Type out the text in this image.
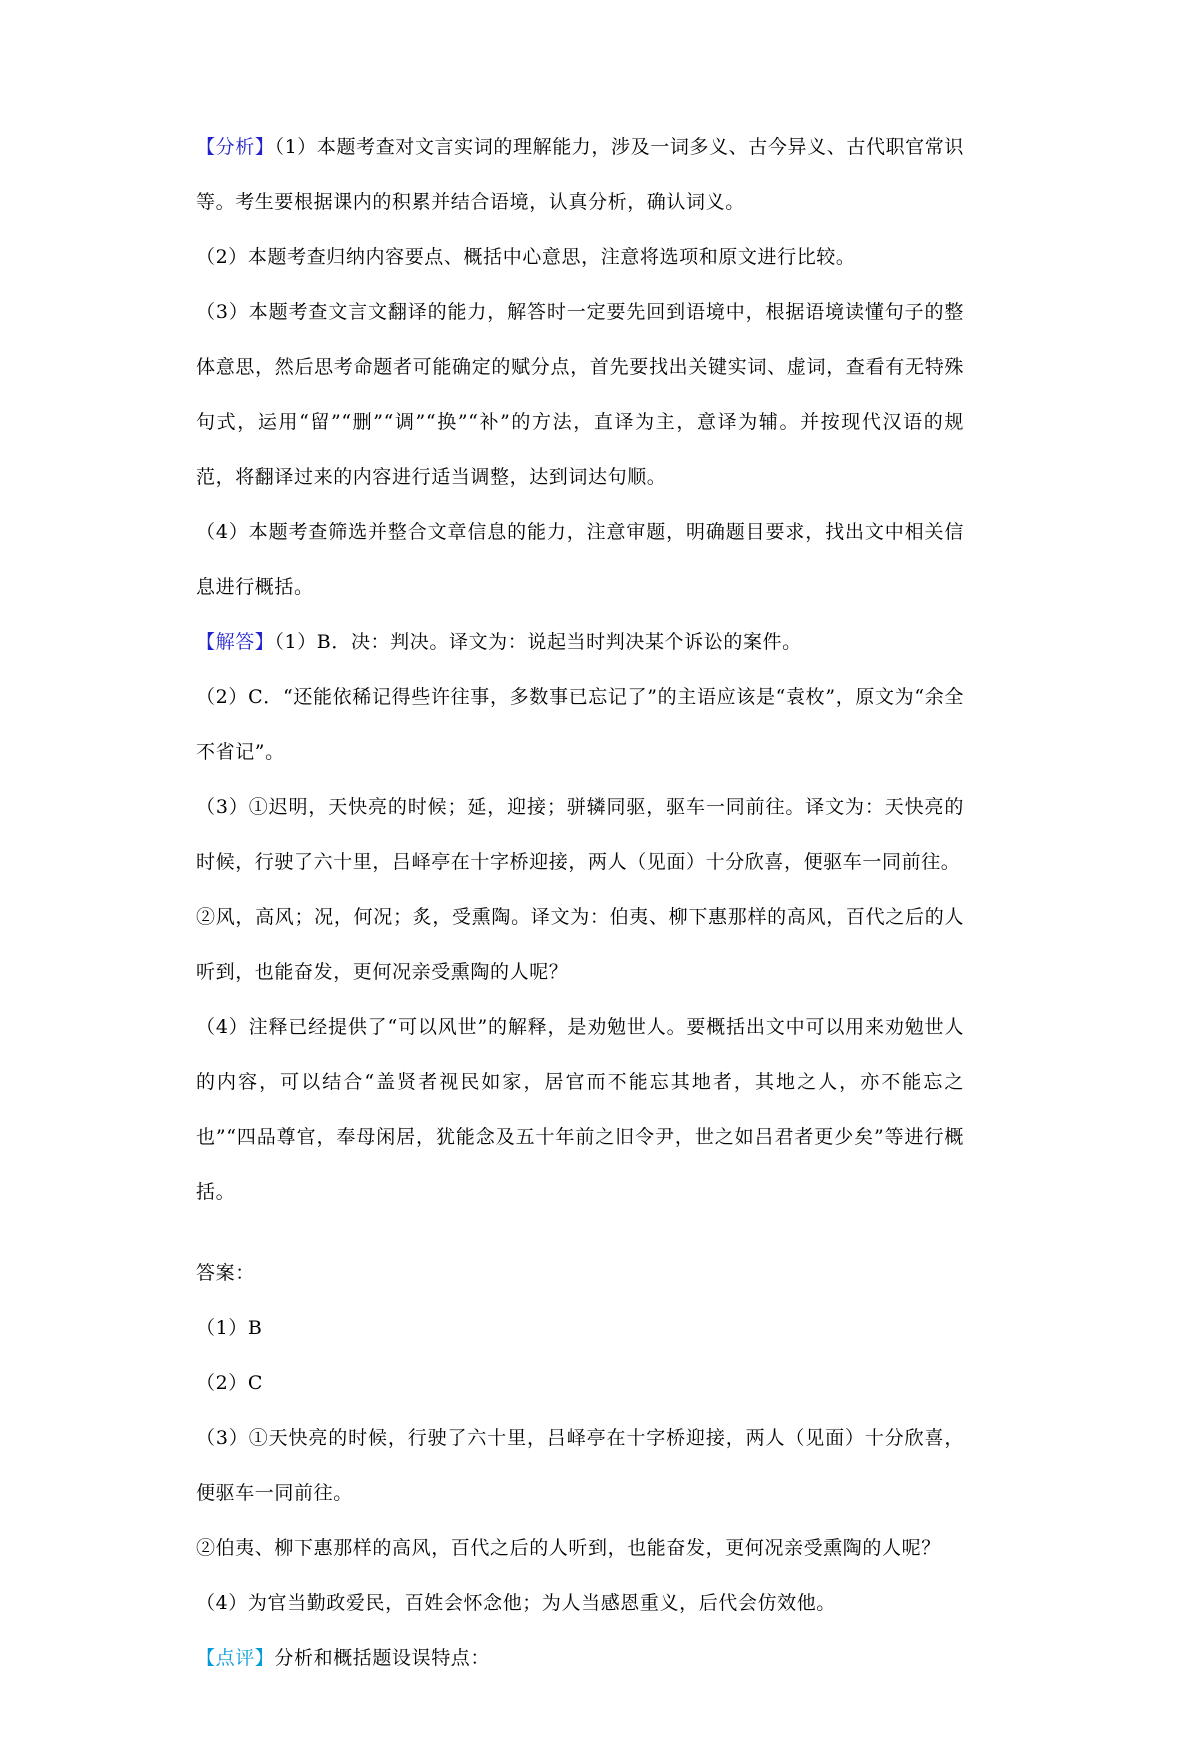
【分析】（1）本题考查对文言实词的理解能力，涉及一词多义、古今异义、古代职官常识等。考生要根据课内的积累并结合语境，认真分析，确认词义。

（2）本题考查归纳内容要点、概括中心意思，注意将选项和原文进行比较。

（3）本题考查文言文翻译的能力，解答时一定要先回到语境中，根据语境读懂句子的整体意思，然后思考命题者可能确定的赋分点，首先要找出关键实词、虚词，查看有无特殊句式，运用“留”“删”“调”“换”“补”的方法，直译为主，意译为辅。并按现代汉语的规范，将翻译过来的内容进行适当调整，达到词达句顺。

（4）本题考查筛选并整合文章信息的能力，注意审题，明确题目要求，找出文中相关信息进行概括。

【解答】（1）B．决：判决。译文为：说起当时判决某个诉讼的案件。

（2）C．“还能依稀记得些许往事，多数事已忘记了”的主语应该是“袁枚”，原文为“余全不省记”。

（3）①迟明，天快亮的时候；延，迎接；骈辚同驱，驱车一同前往。译文为：天快亮的时候，行驶了六十里，吕峄亭在十字桥迎接，两人（见面）十分欣喜，便驱车一同前往。

②风，高风；况，何况；炙，受熏陶。译文为：伯夷、柳下惠那样的高风，百代之后的人听到，也能奋发，更何况亲受熏陶的人呢？

（4）注释已经提供了“可以风世”的解释，是劝勉世人。要概括出文中可以用来劝勉世人的内容，可以结合“盖贤者视民如家，居官而不能忘其地者，其地之人，亦不能忘之也”“四品尊官，奉母闲居，犹能念及五十年前之旧令尹，世之如吕君者更少矣”等进行概括。

答案：

（1）B

（2）C

（3）①天快亮的时候，行驶了六十里，吕峄亭在十字桥迎接，两人（见面）十分欣喜，便驱车一同前往。

②伯夷、柳下惠那样的高风，百代之后的人听到，也能奋发，更何况亲受熏陶的人呢？

（4）为官当勤政爱民，百姓会怀念他；为人当感恩重义，后代会仿效他。

【点评】分析和概括题设误特点：
